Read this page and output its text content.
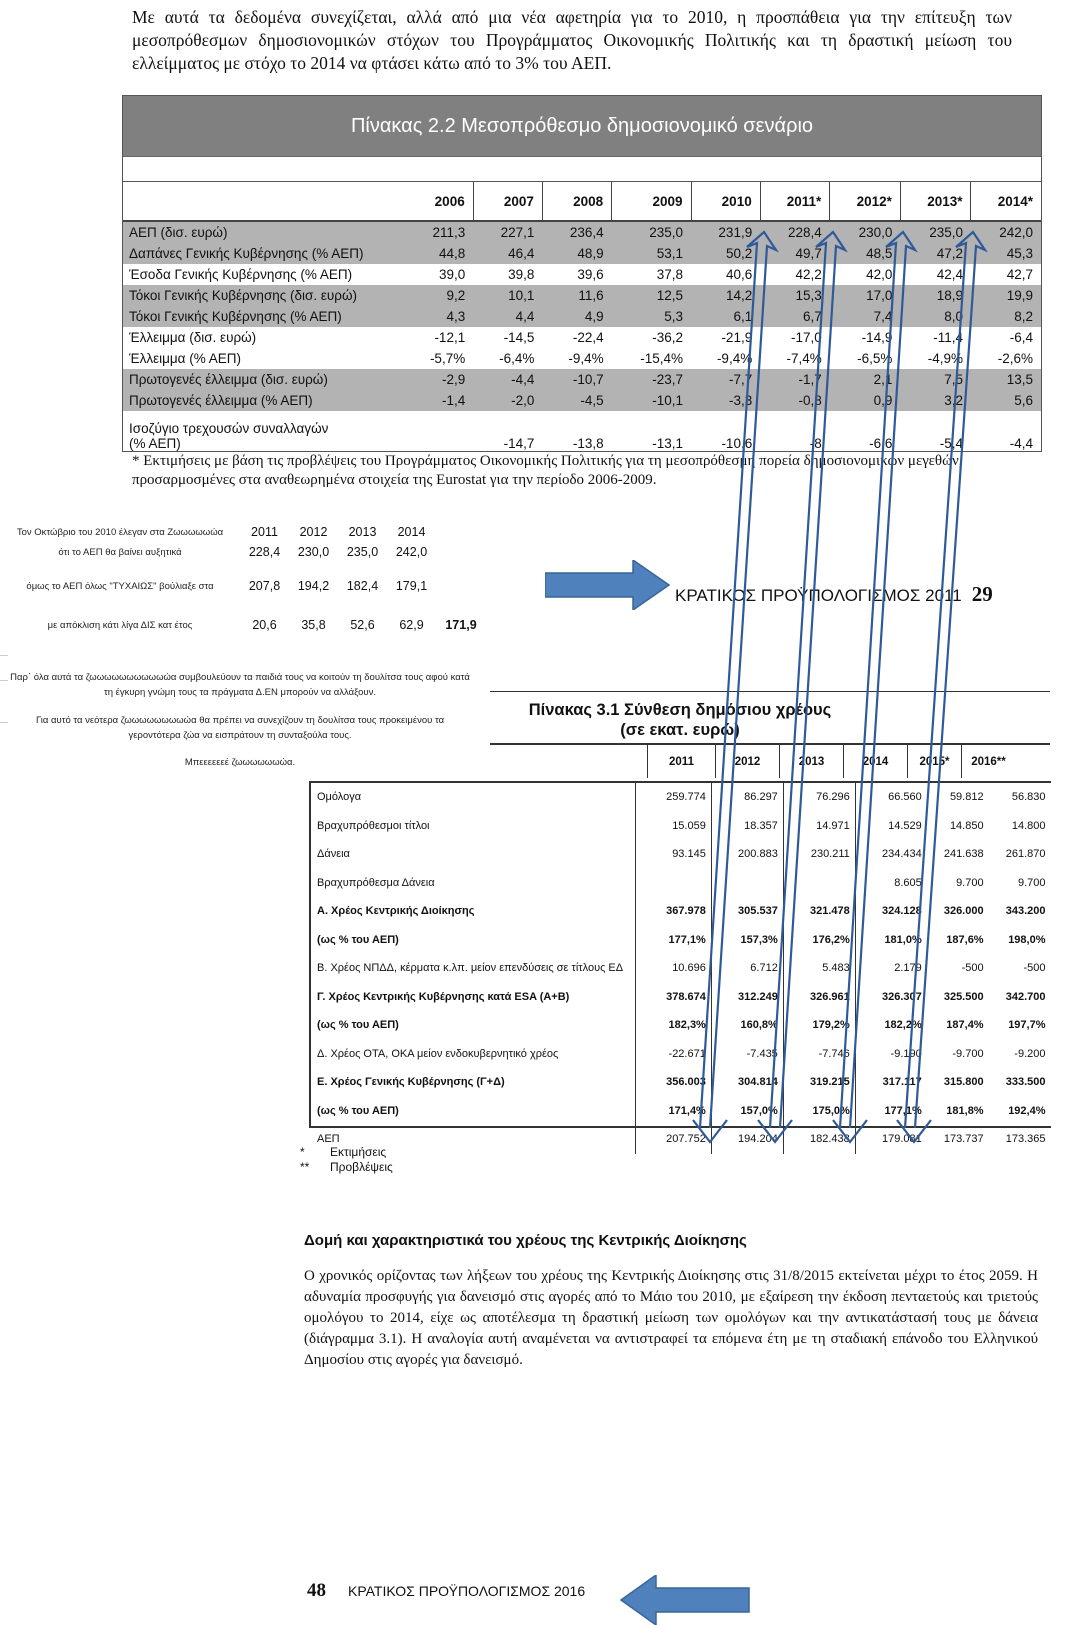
Με αυτά τα δεδομένα συνεχίζεται, αλλά από μια νέα αφετηρία για το 2010, η προσπάθεια για την επίτευξη των μεσοπρόθεσμων δημοσιονομικών στόχων του Προγράμματος Οικονομικής Πολιτικής και τη δραστική μείωση του ελλείμματος με στόχο το 2014 να φτάσει κάτω από το 3% του ΑΕΠ.
Πίνακας 2.2 Μεσοπρόθεσμο δημοσιονομικό σενάριο
	2006	2007	2008	2009	2010	2011*	2012*	2013*	2014*
ΑΕΠ (δισ. ευρώ)	211,3	227,1	236,4	235,0	231,9	228,4	230,0	235,0	242,0
Δαπάνες Γενικής Κυβέρνησης (% ΑΕΠ)	44,8	46,4	48,9	53,1	50,2	49,7	48,5	47,2	45,3
Έσοδα Γενικής Κυβέρνησης (% ΑΕΠ)	39,0	39,8	39,6	37,8	40,6	42,2	42,0	42,4	42,7
Τόκοι Γενικής Κυβέρνησης (δισ. ευρώ)	9,2	10,1	11,6	12,5	14,2	15,3	17,0	18,9	19,9
Τόκοι Γενικής Κυβέρνησης (% ΑΕΠ)	4,3	4,4	4,9	5,3	6,1	6,7	7,4	8,0	8,2
Έλλειμμα (δισ. ευρώ)	-12,1	-14,5	-22,4	-36,2	-21,9	-17,0	-14,9	-11,4	-6,4
Έλλειμμα (% ΑΕΠ)	-5,7%	-6,4%	-9,4%	-15,4%	-9,4%	-7,4%	-6,5%	-4,9%	-2,6%
Πρωτογενές έλλειμμα (δισ. ευρώ)	-2,9	-4,4	-10,7	-23,7	-7,7	-1,7	2,1	7,5	13,5
Πρωτογενές έλλειμμα (% ΑΕΠ)	-1,4	-2,0	-4,5	-10,1	-3,3	-0,8	0,9	3,2	5,6

Ισοζύγιο τρεχουσών συναλλαγών
(% ΑΕΠ)		-14,7	-13,8	-13,1	-10,6	-8	-6,6	-5,4	-4,4
* Εκτιμήσεις με βάση τις προβλέψεις του Προγράμματος Οικονομικής Πολιτικής για τη μεσοπρόθεσμη πορεία δημοσιονομικών μεγεθών, προσαρμοσμένες στα αναθεωρημένα στοιχεία της Eurostat για την περίοδο 2006-2009.
Τον Οκτώβριο του 2010 έλεγαν στα Ζωωωωωώα	2011	2012	2013	2014
ότι το ΑΕΠ θα βαίνει αυξητικά	228,4	230,0	235,0	242,0
όμως το ΑΕΠ όλως "ΤΥΧΑΙΩΣ" βούλιαξε στα	207,8	194,2	182,4	179,1
με απόκλιση κάτι λίγα ΔΙΣ κατ έτος	20,6	35,8	52,6	62,9	171,9
Παρ΄ όλα αυτά τα ζωωωωωωωωωωώα συμβουλεύουν τα παιδιά τους να κοιτούν τη δουλίτσα τους αφού κατά τη έγκυρη γνώμη τους τα πράγματα Δ.ΕΝ μπορούν να αλλάξουν.
Για αυτό τα νεότερα ζωωωωωωωωώα θα πρέπει να συνεχίζουν τη δουλίτσα τους προκειμένου τα γεροντότερα ζώα να εισπράτουν τη συνταξούλα τους.
Μπεεεεεεέ ζωωωωωωώα.
ΚΡΑΤΙΚΟΣ ΠΡΟΫΠΟΛΟΓΙΣΜΟΣ 2011 29
Πίνακας 3.1 Σύνθεση δημόσιου χρέους
(σε εκατ. ευρώ)
2011	2012	2013	2014	2015*	2016**
Ομόλογα	259.774	86.297	76.296	66.560	59.812	56.830
Βραχυπρόθεσμοι τίτλοι	15.059	18.357	14.971	14.529	14.850	14.800
Δάνεια	93.145	200.883	230.211	234.434	241.638	261.870
Βραχυπρόθεσμα Δάνεια				8.605	9.700	9.700
Α. Χρέος Κεντρικής Διοίκησης	367.978	305.537	321.478	324.128	326.000	343.200
(ως % του ΑΕΠ)	177,1%	157,3%	176,2%	181,0%	187,6%	198,0%
Β. Χρέος ΝΠΔΔ, κέρματα κ.λπ. μείον επενδύσεις σε τίτλους ΕΔ	10.696	6.712	5.483	2.179	-500	-500
Γ. Χρέος Κεντρικής Κυβέρνησης κατά ESA (Α+Β)	378.674	312.249	326.961	326.307	325.500	342.700
(ως % του ΑΕΠ)	182,3%	160,8%	179,2%	182,2%	187,4%	197,7%
Δ. Χρέος ΟΤΑ, ΟΚΑ μείον ενδοκυβερνητικό χρέος	-22.671	-7.435	-7.746	-9.190	-9.700	-9.200
Ε. Χρέος Γενικής Κυβέρνησης (Γ+Δ)	356.003	304.814	319.215	317.117	315.800	333.500
(ως % του ΑΕΠ)	171,4%	157,0%	175,0%	177,1%	181,8%	192,4%
ΑΕΠ	207.752	194.204	182.438	179.081	173.737	173.365
* Εκτιμήσεις
** Προβλέψεις
Δομή και χαρακτηριστικά του χρέους της Κεντρικής Διοίκησης
Ο χρονικός ορίζοντας των λήξεων του χρέους της Κεντρικής Διοίκησης στις 31/8/2015 εκτείνεται μέχρι το έτος 2059. Η αδυναμία προσφυγής για δανεισμό στις αγορές από το Μάιο του 2010, με εξαίρεση την έκδοση πενταετούς και τριετούς ομολόγου το 2014, είχε ως αποτέλεσμα τη δραστική μείωση των ομολόγων και την αντικατάστασή τους με δάνεια (διάγραμμα 3.1). Η αναλογία αυτή αναμένεται να αντιστραφεί τα επόμενα έτη με τη σταδιακή επάνοδο του Ελληνικού Δημοσίου στις αγορές για δανεισμό.
48 ΚΡΑΤΙΚΟΣ ΠΡΟΫΠΟΛΟΓΙΣΜΟΣ 2016
